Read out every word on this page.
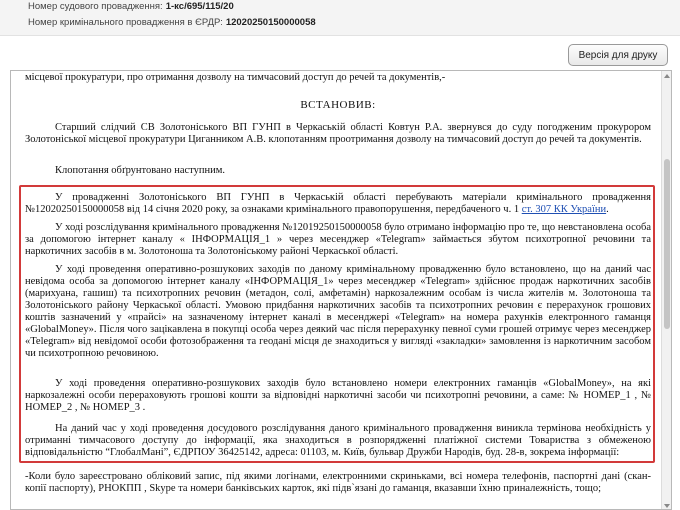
Номер судового провадження: 1-кс/695/115/20
Номер кримінального провадження в ЄРДР: 12020250150000058
Версія для друку
місцевої прокуратури, про отримання дозволу на тимчасовий доступ до речей та документів,-
ВСТАНОВИВ:
Старший слідчий СВ Золотоніського ВП ГУНП в Черкаській області Ковтун Р.А. звернувся до суду погодженим прокурором Золотоніської місцевої прокуратури Циганником А.В. клопотанням проотримання дозволу на тимчасовий доступ до речей та документів.
Клопотання обґрунтовано наступним.
У провадженні Золотоніського ВП ГУНП в Черкаській області перебувають матеріали кримінального провадження №12020250150000058 від 14 січня 2020 року, за ознаками кримінального правопорушення, передбаченого ч. 1 ст. 307 КК України.
У ході розслідування кримінального провадження №12019250150000058 було отримано інформацію про те, що невстановлена особа за допомогою інтернет каналу « ІНФОРМАЦІЯ_1 » через месенджер «Telegram» займається збутом психотропної речовини та наркотичних засобів в м. Золотоноша та Золотоніському районі Черкаської області.
У ході проведення оперативно-розшукових заходів по даному кримінальному провадженню було встановлено, що на даний час невідома особа за допомогою інтернет каналу «ІНФОРМАЦІЯ_1» через месенджер «Telegram» здійснює продаж наркотичних засобів (марихуана, гашиш) та психотропних речовин (метадон, солі, амфетамін) наркозалежним особам із числа жителів м. Золотоноша та Золотоніського району Черкаської області. Умовою придбання наркотичних засобів та психотропних речовин є перерахунок грошових коштів зазначений у «прайсі» на зазначеному інтернет каналі в месенджері «Telegram» на номера рахунків електронного гаманця «GlobalMoney». Після чого зацікавлена в покупці особа через деякий час після перерахунку певної суми грошей отримує через месенджер «Telegram» від невідомої особи фотозображення та геодані місця де знаходиться у вигляді «закладки» замовлення із наркотичним засобом чи психотропною речовиною.
У ході проведення оперативно-розшукових заходів було встановлено номери електронних гаманців «GlobalMoney», на які наркозалежні особи перераховують грошові кошти за відповідні наркотичні засоби чи психотропні речовини, а саме: № НОМЕР_1 , № НОМЕР_2 , № НОМЕР_3 .
На даний час у ході проведення досудового розслідування даного кримінального провадження виникла термінова необхідність у отриманні тимчасового доступу до інформації, яка знаходиться в розпорядженні платіжної системи Товариства з обмеженою відповідальністю “ГлобалМані”, ЄДРПОУ 36425142, адреса: 01103, м. Київ, бульвар Дружби Народів, буд. 28-в, зокрема інформації:
-Коли було зареєстровано обліковий запис, під якими логінами, електронними скриньками, всі номера телефонів, паспортні дані (скан-копії паспорту), РНОКПП , Skype та номери банківських карток, які підв`язані до гаманця, вказавши їхню приналежність, тощо;
